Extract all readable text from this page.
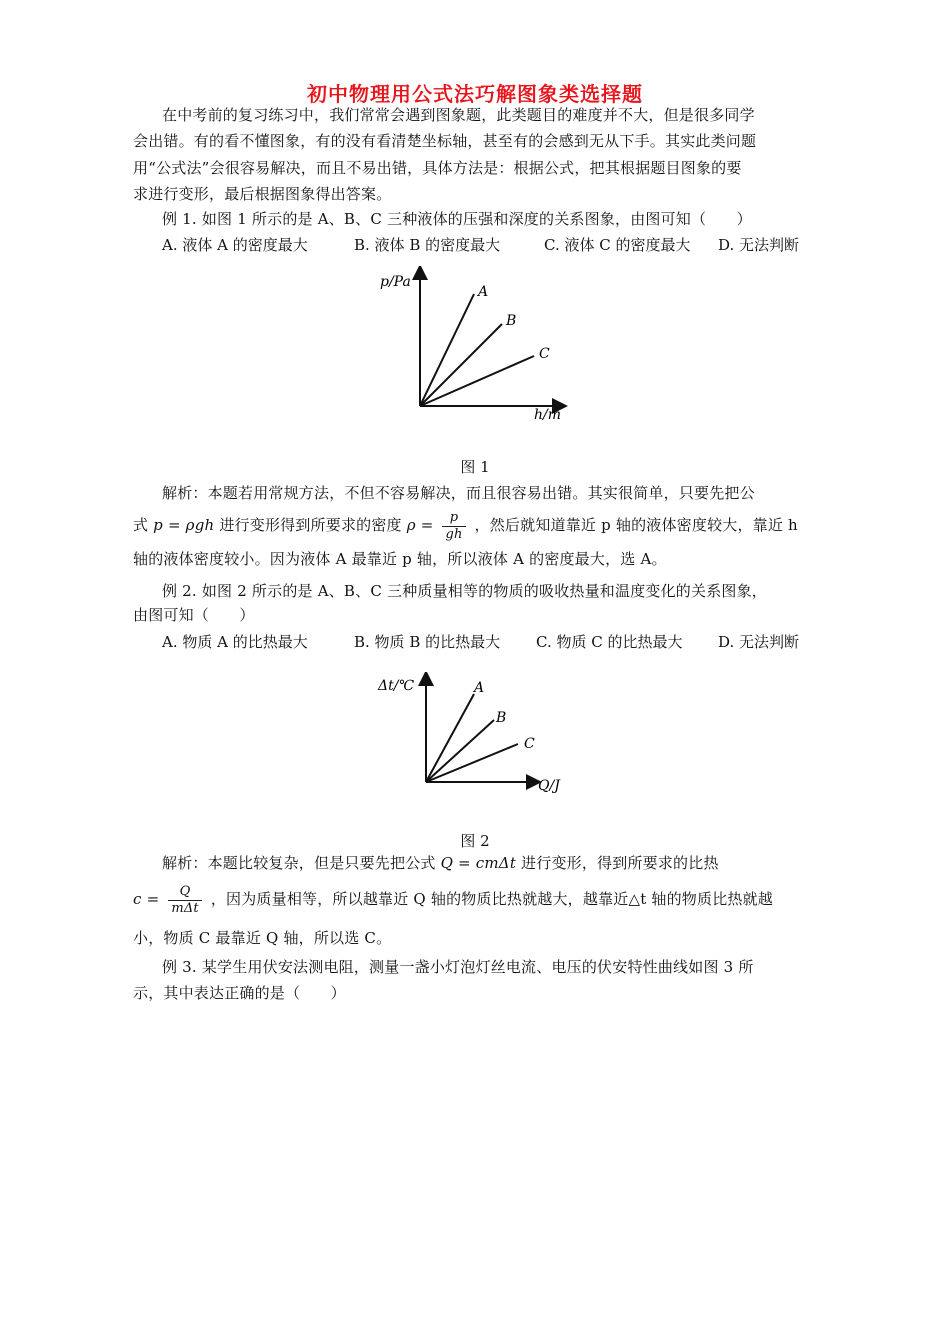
初中物理用公式法巧解图象类选择题
在中考前的复习练习中，我们常常会遇到图象题，此类题目的难度并不大，但是很多同学
会出错。有的看不懂图象，有的没有看清楚坐标轴，甚至有的会感到无从下手。其实此类问题
用“公式法”会很容易解决，而且不易出错，具体方法是：根据公式，把其根据题目图象的要
求进行变形，最后根据图象得出答案。
例 1. 如图 1 所示的是 A、B、C 三种液体的压强和深度的关系图象，由图可知（　　）
A. 液体 A 的密度最大	B. 液体 B 的密度最大	C. 液体 C 的密度最大 D. 无法判断
p/Pa
h/m
A
B
C
图 1
解析：本题若用常规方法，不但不容易解决，而且很容易出错。其实很简单，只要先把公
式 p = ρgh 进行变形得到所要求的密度 $\rho = \frac{p}{gh}$ ，然后就知道靠近 p 轴的液体密度较大，靠近 h
轴的液体密度较小。因为液体 A 最靠近 p 轴，所以液体 A 的密度最大，选 A。
例 2. 如图 2 所示的是 A、B、C 三种质量相等的物质的吸收热量和温度变化的关系图象，
由图可知（　　）
A. 物质 A 的比热最大	B. 物质 B 的比热最大 C. 物质 C 的比热最大 D. 无法判断
Δt/℃
Q/J
A
B
C
图 2
解析：本题比较复杂，但是只要先把公式 Q = cmΔt 进行变形，得到所要求的比热
$c = \frac{Q}{\text{mΔt}}$ ，因为质量相等，所以越靠近 Q 轴的物质比热就越大，越靠近△t 轴的物质比热就越
小，物质 C 最靠近 Q 轴，所以选 C。
例 3. 某学生用伏安法测电阻，测量一盏小灯泡灯丝电流、电压的伏安特性曲线如图 3 所
示，其中表达正确的是（　　）
